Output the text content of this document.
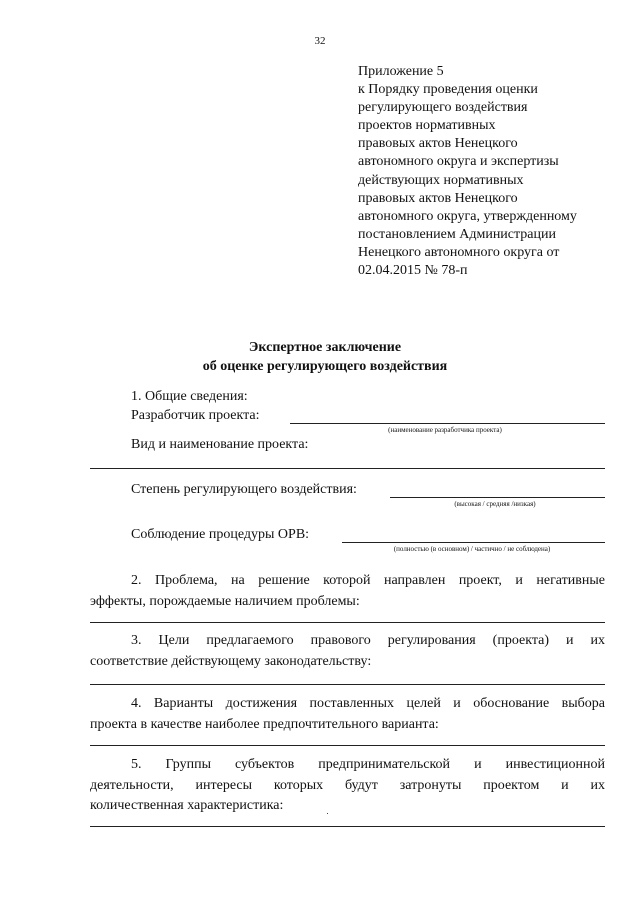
32
Приложение 5
к Порядку проведения оценки
регулирующего воздействия
проектов нормативных
правовых актов Ненецкого
автономного округа и экспертизы
действующих нормативных
правовых актов Ненецкого
автономного округа, утвержденному
постановлением Администрации
Ненецкого автономного округа от
02.04.2015 № 78-п
Экспертное заключение
об оценке регулирующего воздействия
1. Общие сведения:
Разработчик проекта:
(наименование разработчика проекта)
Вид и наименование проекта:
Степень регулирующего воздействия:
(высокая / средняя /низкая)
Соблюдение процедуры ОРВ:
(полностью (в основном) / частично / не соблюдена)
2. Проблема, на решение которой направлен проект, и негативные
эффекты, порождаемые наличием проблемы:
3. Цели предлагаемого правового регулирования (проекта) и их
соответствие действующему законодательству:
4. Варианты достижения поставленных целей и обоснование выбора
проекта в качестве наиболее предпочтительного варианта:
5. Группы субъектов предпринимательской и инвестиционной
деятельности, интересы которых будут затронуты проектом и их
количественная характеристика:
